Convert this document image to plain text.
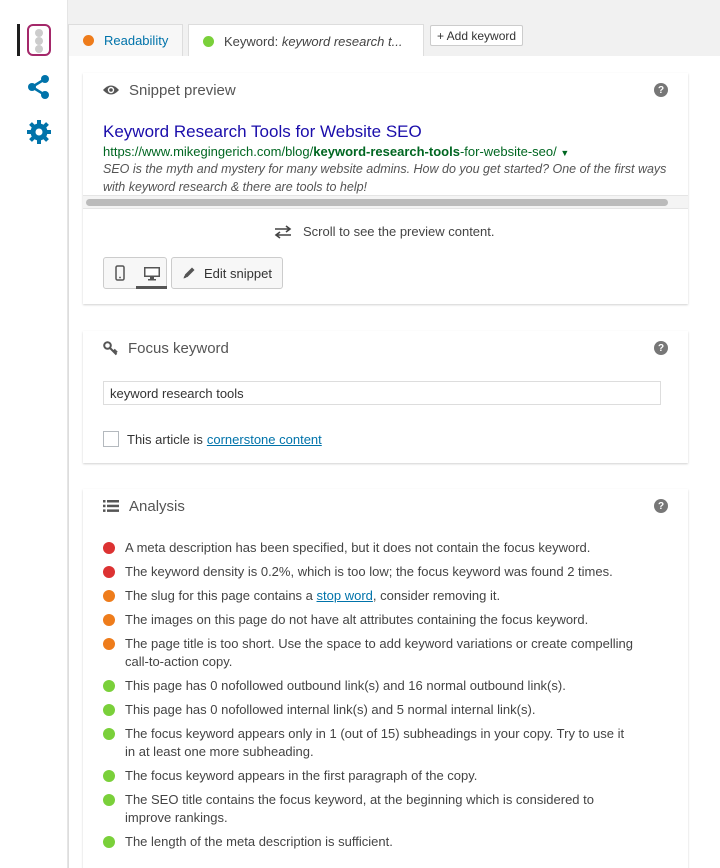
Readability	Keyword: keyword research t...	+ Add keyword
Snippet preview	?
Keyword Research Tools for Website SEO
https://www.mikegingerich.com/blog/keyword-research-tools-for-website-seo/ ▼
SEO is the myth and mystery for many website admins. How do you get started? One of the first ways with keyword research & there are tools to help!
Scroll to see the preview content.
Edit snippet
Focus keyword	?
keyword research tools
This article is cornerstone content
Analysis	?
A meta description has been specified, but it does not contain the focus keyword.
The keyword density is 0.2%, which is too low; the focus keyword was found 2 times.
The slug for this page contains a stop word, consider removing it.
The images on this page do not have alt attributes containing the focus keyword.
The page title is too short. Use the space to add keyword variations or create compelling call-to-action copy.
This page has 0 nofollowed outbound link(s) and 16 normal outbound link(s).
This page has 0 nofollowed internal link(s) and 5 normal internal link(s).
The focus keyword appears only in 1 (out of 15) subheadings in your copy. Try to use it in at least one more subheading.
The focus keyword appears in the first paragraph of the copy.
The SEO title contains the focus keyword, at the beginning which is considered to improve rankings.
The length of the meta description is sufficient.
